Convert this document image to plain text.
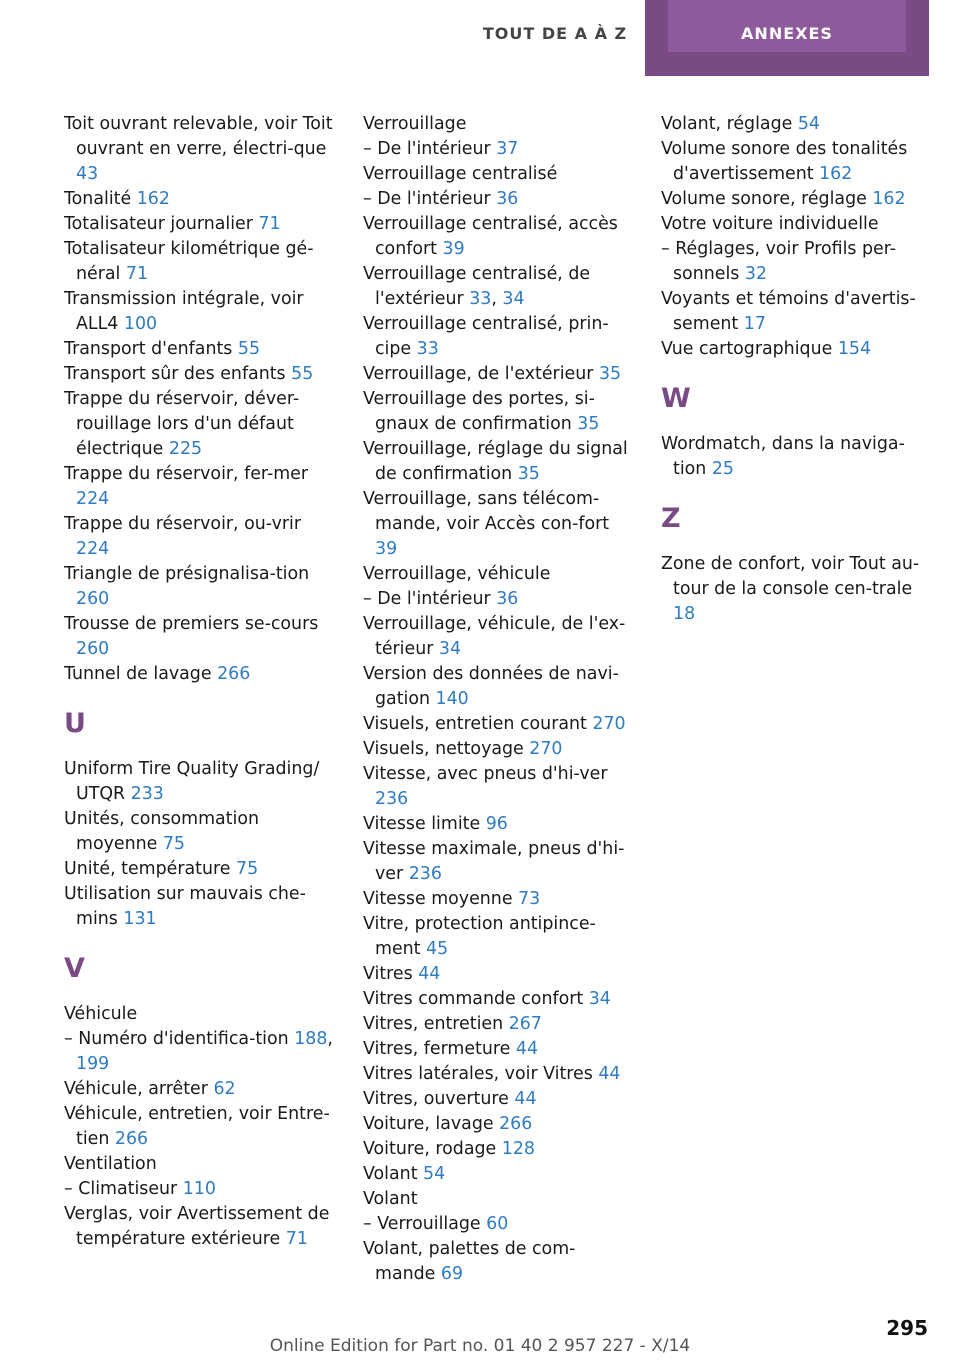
TOUT DE A À Z	ANNEXES
Toit ouvrant relevable, voir Toit ouvrant en verre, électri-que 43
Tonalité 162
Totalisateur journalier 71
Totalisateur kilométrique gé-néral 71
Transmission intégrale, voir ALL4 100
Transport d'enfants 55
Transport sûr des enfants 55
Trappe du réservoir, déver-rouillage lors d'un défaut électrique 225
Trappe du réservoir, fer-mer 224
Trappe du réservoir, ou-vrir 224
Triangle de présignalisa-tion 260
Trousse de premiers se-cours 260
Tunnel de lavage 266
U
Uniform Tire Quality Grading/ UTQR 233
Unités, consommation moyenne 75
Unité, température 75
Utilisation sur mauvais che-mins 131
V
Véhicule
– Numéro d'identifica-tion 188, 199
Véhicule, arrêter 62
Véhicule, entretien, voir Entre-tien 266
Ventilation
– Climatiseur 110
Verglas, voir Avertissement de température extérieure 71
Verrouillage
– De l'intérieur 37
Verrouillage centralisé
– De l'intérieur 36
Verrouillage centralisé, accès confort 39
Verrouillage centralisé, de l'extérieur 33, 34
Verrouillage centralisé, prin-cipe 33
Verrouillage, de l'extérieur 35
Verrouillage des portes, si-gnaux de confirmation 35
Verrouillage, réglage du signal de confirmation 35
Verrouillage, sans télécom-mande, voir Accès con-fort 39
Verrouillage, véhicule
– De l'intérieur 36
Verrouillage, véhicule, de l'ex-térieur 34
Version des données de navi-gation 140
Visuels, entretien courant 270
Visuels, nettoyage 270
Vitesse, avec pneus d'hi-ver 236
Vitesse limite 96
Vitesse maximale, pneus d'hi-ver 236
Vitesse moyenne 73
Vitre, protection antipince-ment 45
Vitres 44
Vitres commande confort 34
Vitres, entretien 267
Vitres, fermeture 44
Vitres latérales, voir Vitres 44
Vitres, ouverture 44
Voiture, lavage 266
Voiture, rodage 128
Volant 54
Volant
– Verrouillage 60
Volant, palettes de com-mande 69
Volant, réglage 54
Volume sonore des tonalités d'avertissement 162
Volume sonore, réglage 162
Votre voiture individuelle
– Réglages, voir Profils per-sonnels 32
Voyants et témoins d'avertis-sement 17
Vue cartographique 154
W
Wordmatch, dans la naviga-tion 25
Z
Zone de confort, voir Tout au-tour de la console cen-trale 18
295
Online Edition for Part no. 01 40 2 957 227 - X/14
